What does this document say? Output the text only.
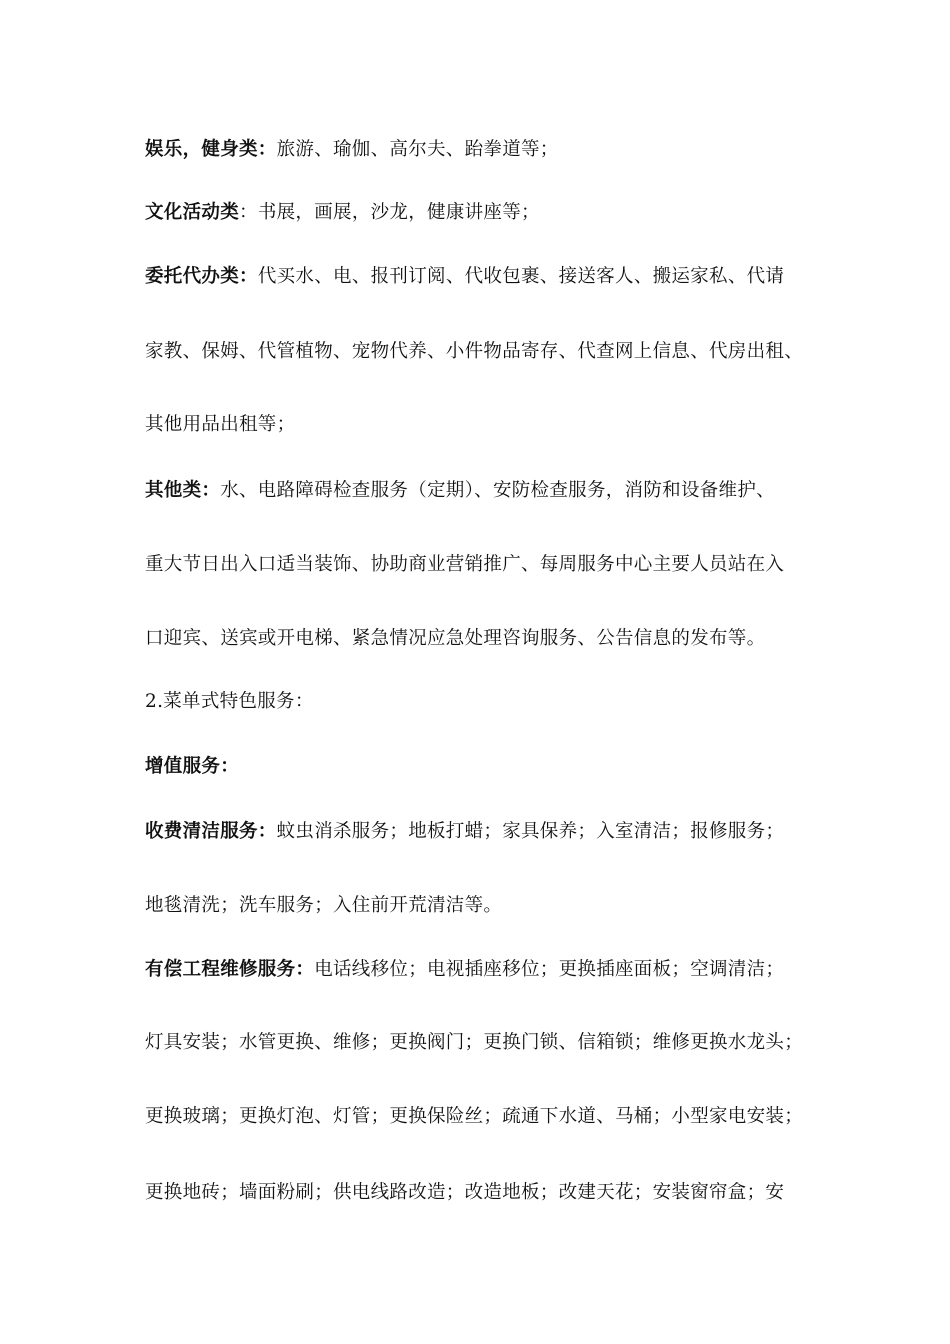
娱乐，健身类：旅游、瑜伽、高尔夫、跆拳道等；

文化活动类：书展，画展，沙龙，健康讲座等；

委托代办类：代买水、电、报刊订阅、代收包裹、接送客人、搬运家私、代请

家教、保姆、代管植物、宠物代养、小件物品寄存、代查网上信息、代房出租、

其他用品出租等；

其他类：水、电路障碍检查服务（定期）、安防检查服务，消防和设备维护、

重大节日出入口适当装饰、协助商业营销推广、每周服务中心主要人员站在入

口迎宾、送宾或开电梯、紧急情况应急处理咨询服务、公告信息的发布等。

2.菜单式特色服务：

增值服务：

收费清洁服务：蚊虫消杀服务；地板打蜡；家具保养；入室清洁；报修服务；

地毯清洗；洗车服务；入住前开荒清洁等。

有偿工程维修服务：电话线移位；电视插座移位；更换插座面板；空调清洁；

灯具安装；水管更换、维修；更换阀门；更换门锁、信箱锁；维修更换水龙头；

更换玻璃；更换灯泡、灯管；更换保险丝；疏通下水道、马桶；小型家电安装；

更换地砖；墙面粉刷；供电线路改造；改造地板；改建天花；安装窗帘盒；安
